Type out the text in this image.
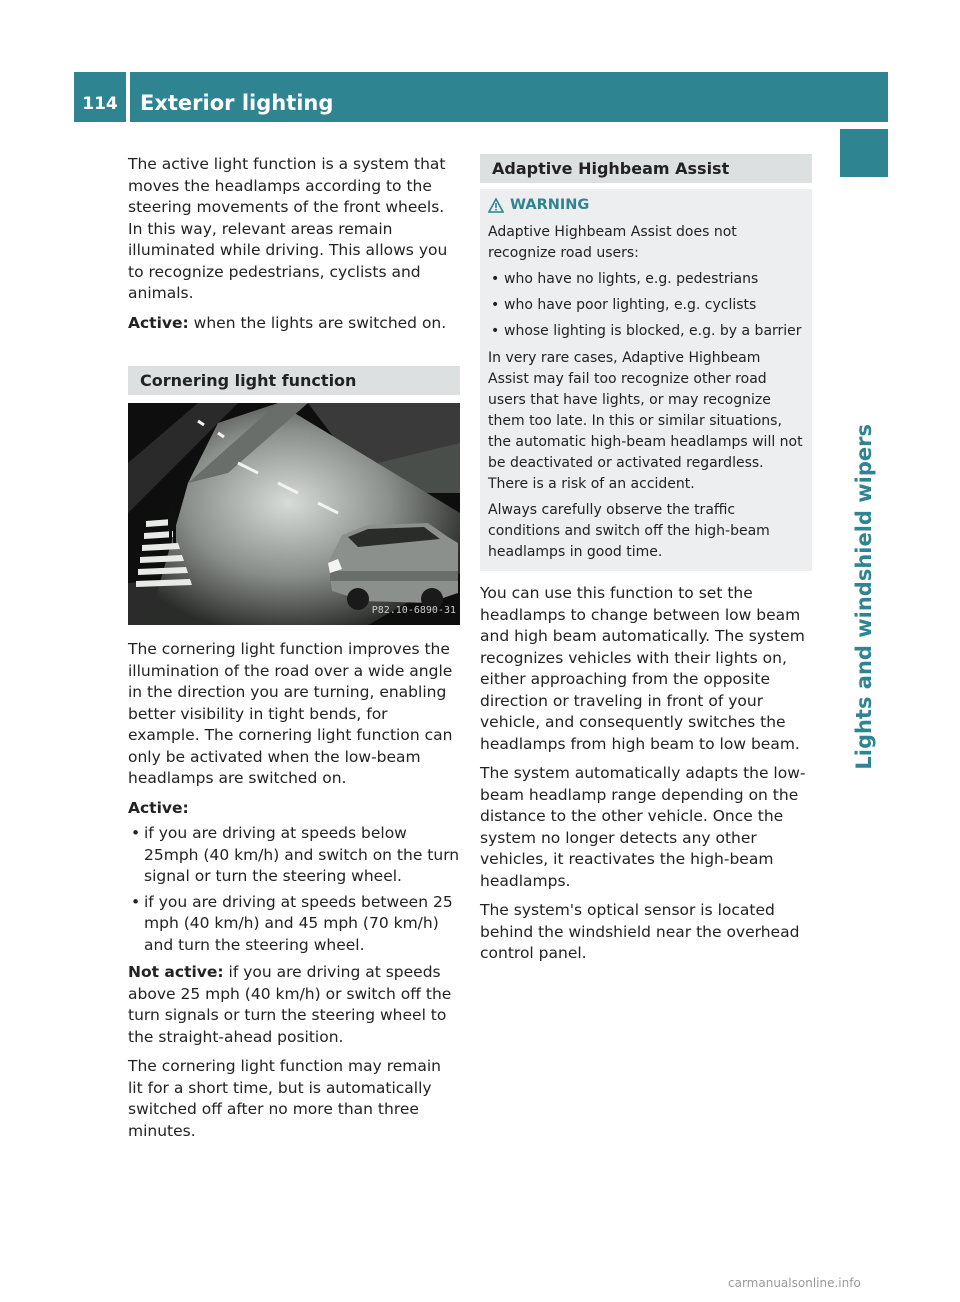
114	Exterior lighting
Lights and windshield wipers

The active light function is a system that moves the headlamps according to the steering movements of the front wheels. In this way, relevant areas remain illuminated while driving. This allows you to recognize pedestrians, cyclists and animals.

Active: when the lights are switched on.

Cornering light function
P82.10-6890-31

The cornering light function improves the illumination of the road over a wide angle in the direction you are turning, enabling better visibility in tight bends, for example. The cornering light function can only be activated when the low-beam headlamps are switched on.

Active:

• if you are driving at speeds below 25mph (40 km/h) and switch on the turn signal or turn the steering wheel.
• if you are driving at speeds between 25 mph (40 km/h) and 45 mph (70 km/h) and turn the steering wheel.

Not active: if you are driving at speeds above 25 mph (40 km/h) or switch off the turn signals or turn the steering wheel to the straight-ahead position.

The cornering light function may remain lit for a short time, but is automatically switched off after no more than three minutes.

Adaptive Highbeam Assist
WARNING

Adaptive Highbeam Assist does not recognize road users:

• who have no lights, e.g. pedestrians
• who have poor lighting, e.g. cyclists
• whose lighting is blocked, e.g. by a barrier

In very rare cases, Adaptive Highbeam Assist may fail too recognize other road users that have lights, or may recognize them too late. In this or similar situations, the automatic high-beam headlamps will not be deactivated or activated regardless. There is a risk of an accident.

Always carefully observe the traffic conditions and switch off the high-beam headlamps in good time.

You can use this function to set the headlamps to change between low beam and high beam automatically. The system recognizes vehicles with their lights on, either approaching from the opposite direction or traveling in front of your vehicle, and consequently switches the headlamps from high beam to low beam.

The system automatically adapts the low-beam headlamp range depending on the distance to the other vehicle. Once the system no longer detects any other vehicles, it reactivates the high-beam headlamps.

The system's optical sensor is located behind the windshield near the overhead control panel.

carmanualsonline.info
